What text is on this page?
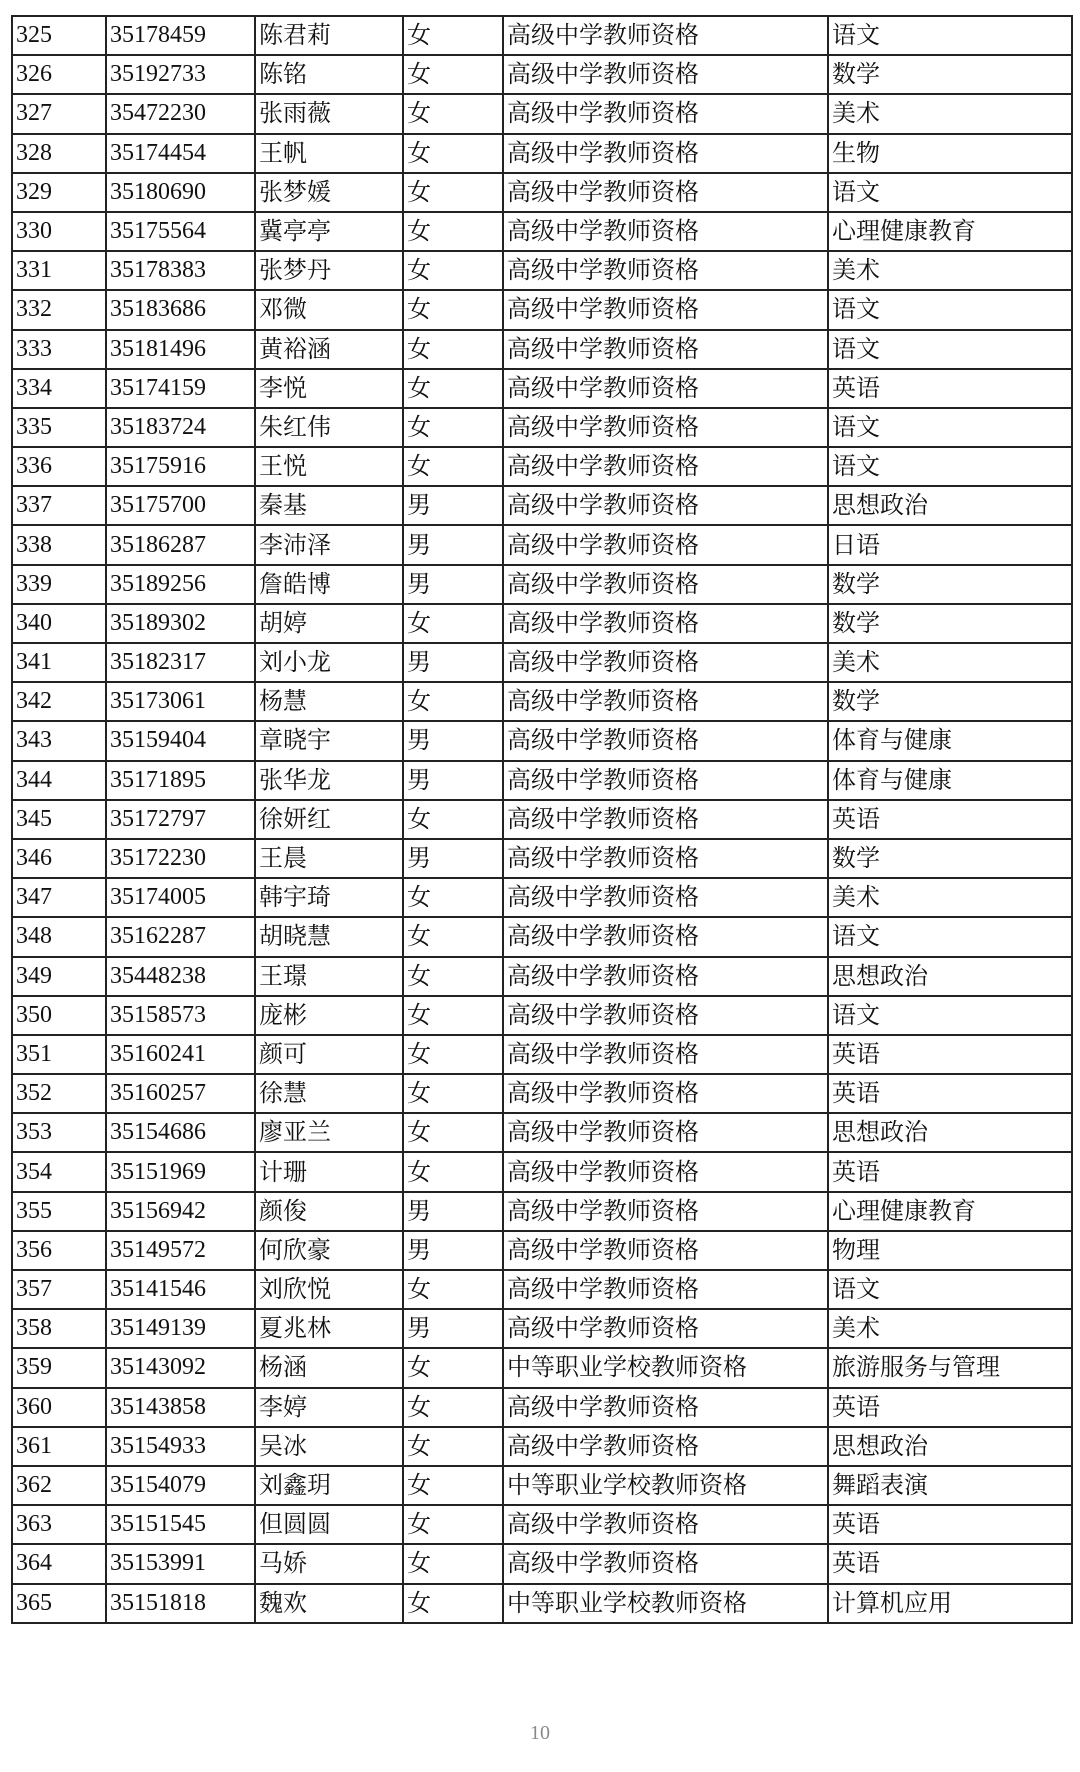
325	35178459	陈君莉	女	高级中学教师资格	语文
326	35192733	陈铭	女	高级中学教师资格	数学
327	35472230	张雨薇	女	高级中学教师资格	美术
328	35174454	王帆	女	高级中学教师资格	生物
329	35180690	张梦媛	女	高级中学教师资格	语文
330	35175564	冀亭亭	女	高级中学教师资格	心理健康教育
331	35178383	张梦丹	女	高级中学教师资格	美术
332	35183686	邓微	女	高级中学教师资格	语文
333	35181496	黄裕涵	女	高级中学教师资格	语文
334	35174159	李悦	女	高级中学教师资格	英语
335	35183724	朱红伟	女	高级中学教师资格	语文
336	35175916	王悦	女	高级中学教师资格	语文
337	35175700	秦基	男	高级中学教师资格	思想政治
338	35186287	李沛泽	男	高级中学教师资格	日语
339	35189256	詹皓博	男	高级中学教师资格	数学
340	35189302	胡婷	女	高级中学教师资格	数学
341	35182317	刘小龙	男	高级中学教师资格	美术
342	35173061	杨慧	女	高级中学教师资格	数学
343	35159404	章晓宇	男	高级中学教师资格	体育与健康
344	35171895	张华龙	男	高级中学教师资格	体育与健康
345	35172797	徐妍红	女	高级中学教师资格	英语
346	35172230	王晨	男	高级中学教师资格	数学
347	35174005	韩宇琦	女	高级中学教师资格	美术
348	35162287	胡晓慧	女	高级中学教师资格	语文
349	35448238	王璟	女	高级中学教师资格	思想政治
350	35158573	庞彬	女	高级中学教师资格	语文
351	35160241	颜可	女	高级中学教师资格	英语
352	35160257	徐慧	女	高级中学教师资格	英语
353	35154686	廖亚兰	女	高级中学教师资格	思想政治
354	35151969	计珊	女	高级中学教师资格	英语
355	35156942	颜俊	男	高级中学教师资格	心理健康教育
356	35149572	何欣豪	男	高级中学教师资格	物理
357	35141546	刘欣悦	女	高级中学教师资格	语文
358	35149139	夏兆林	男	高级中学教师资格	美术
359	35143092	杨涵	女	中等职业学校教师资格	旅游服务与管理
360	35143858	李婷	女	高级中学教师资格	英语
361	35154933	吴冰	女	高级中学教师资格	思想政治
362	35154079	刘鑫玥	女	中等职业学校教师资格	舞蹈表演
363	35151545	但圆圆	女	高级中学教师资格	英语
364	35153991	马娇	女	高级中学教师资格	英语
365	35151818	魏欢	女	中等职业学校教师资格	计算机应用
10
